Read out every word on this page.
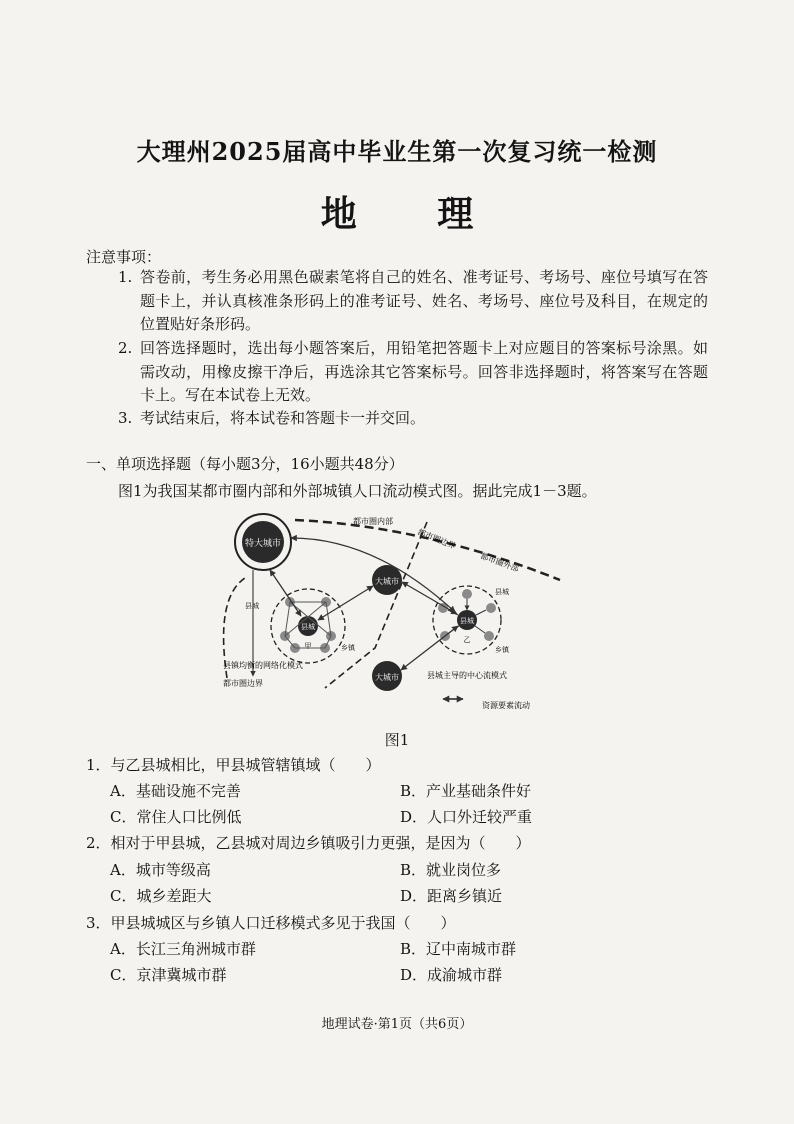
大理州2025届高中毕业生第一次复习统一检测
地 理
注意事项：
1. 答卷前，考生务必用黑色碳素笔将自己的姓名、准考证号、考场号、座位号填写在答题卡上，并认真核准条形码上的准考证号、姓名、考场号、座位号及科目，在规定的位置贴好条形码。
2. 回答选择题时，选出每小题答案后，用铅笔把答题卡上对应题目的答案标号涂黑。如需改动，用橡皮擦干净后，再选涂其它答案标号。回答非选择题时，将答案写在答题卡上。写在本试卷上无效。
3. 考试结束后，将本试卷和答题卡一并交回。
一、单项选择题（每小题3分，16小题共48分）
图1为我国某都市圈内部和外部城镇人口流动模式图。据此完成1－3题。
特大城市
大城市
大城市
县城
甲
县城
乡镇
县城
乙
县城
乡镇
都市圈内部
都市圈边界
都市圈外部
县镇均衡的网络化模式
都市圈边界
县城主导的中心流模式
资源要素流动
图1
1．与乙县城相比，甲县城管辖镇域（　　）
A．基础设施不完善	B．产业基础条件好
C．常住人口比例低	D．人口外迁较严重
2．相对于甲县城，乙县城对周边乡镇吸引力更强，是因为（　　）
A．城市等级高	B．就业岗位多
C．城乡差距大	D．距离乡镇近
3．甲县城城区与乡镇人口迁移模式多见于我国（　　）
A．长江三角洲城市群	B．辽中南城市群
C．京津冀城市群	D．成渝城市群
地理试卷·第1页（共6页）
